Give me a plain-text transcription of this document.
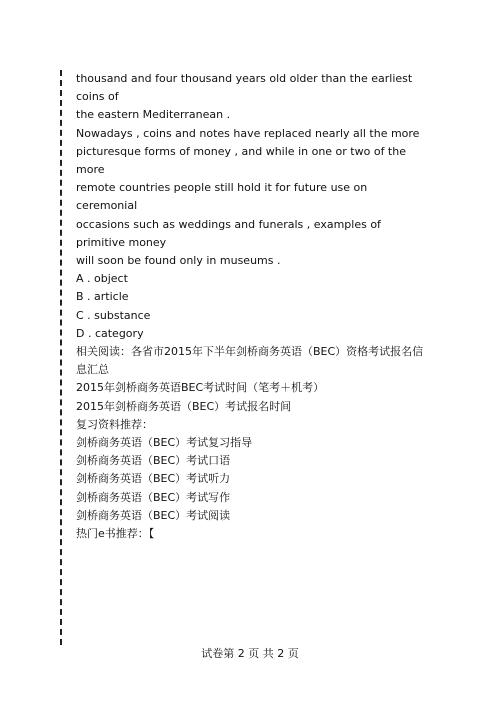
thousand and four thousand years old older than the earliest coins of

the eastern Mediterranean .

Nowadays , coins and notes have replaced nearly all the more

picturesque forms of money , and while in one or two of the more

remote countries people still hold it for future use on ceremonial

occasions such as weddings and funerals , examples of primitive money

will soon be found only in museums .

A . object

B . article

C . substance

D . category

相关阅读：各省市2015年下半年剑桥商务英语（BEC）资格考试报名信息汇总

2015年剑桥商务英语BEC考试时间（笔考＋机考）

2015年剑桥商务英语（BEC）考试报名时间

复习资料推荐：

剑桥商务英语（BEC）考试复习指导

剑桥商务英语（BEC）考试口语

剑桥商务英语（BEC）考试听力

剑桥商务英语（BEC）考试写作

剑桥商务英语（BEC）考试阅读

热门e书推荐：【

试卷第 2 页 共 2 页
